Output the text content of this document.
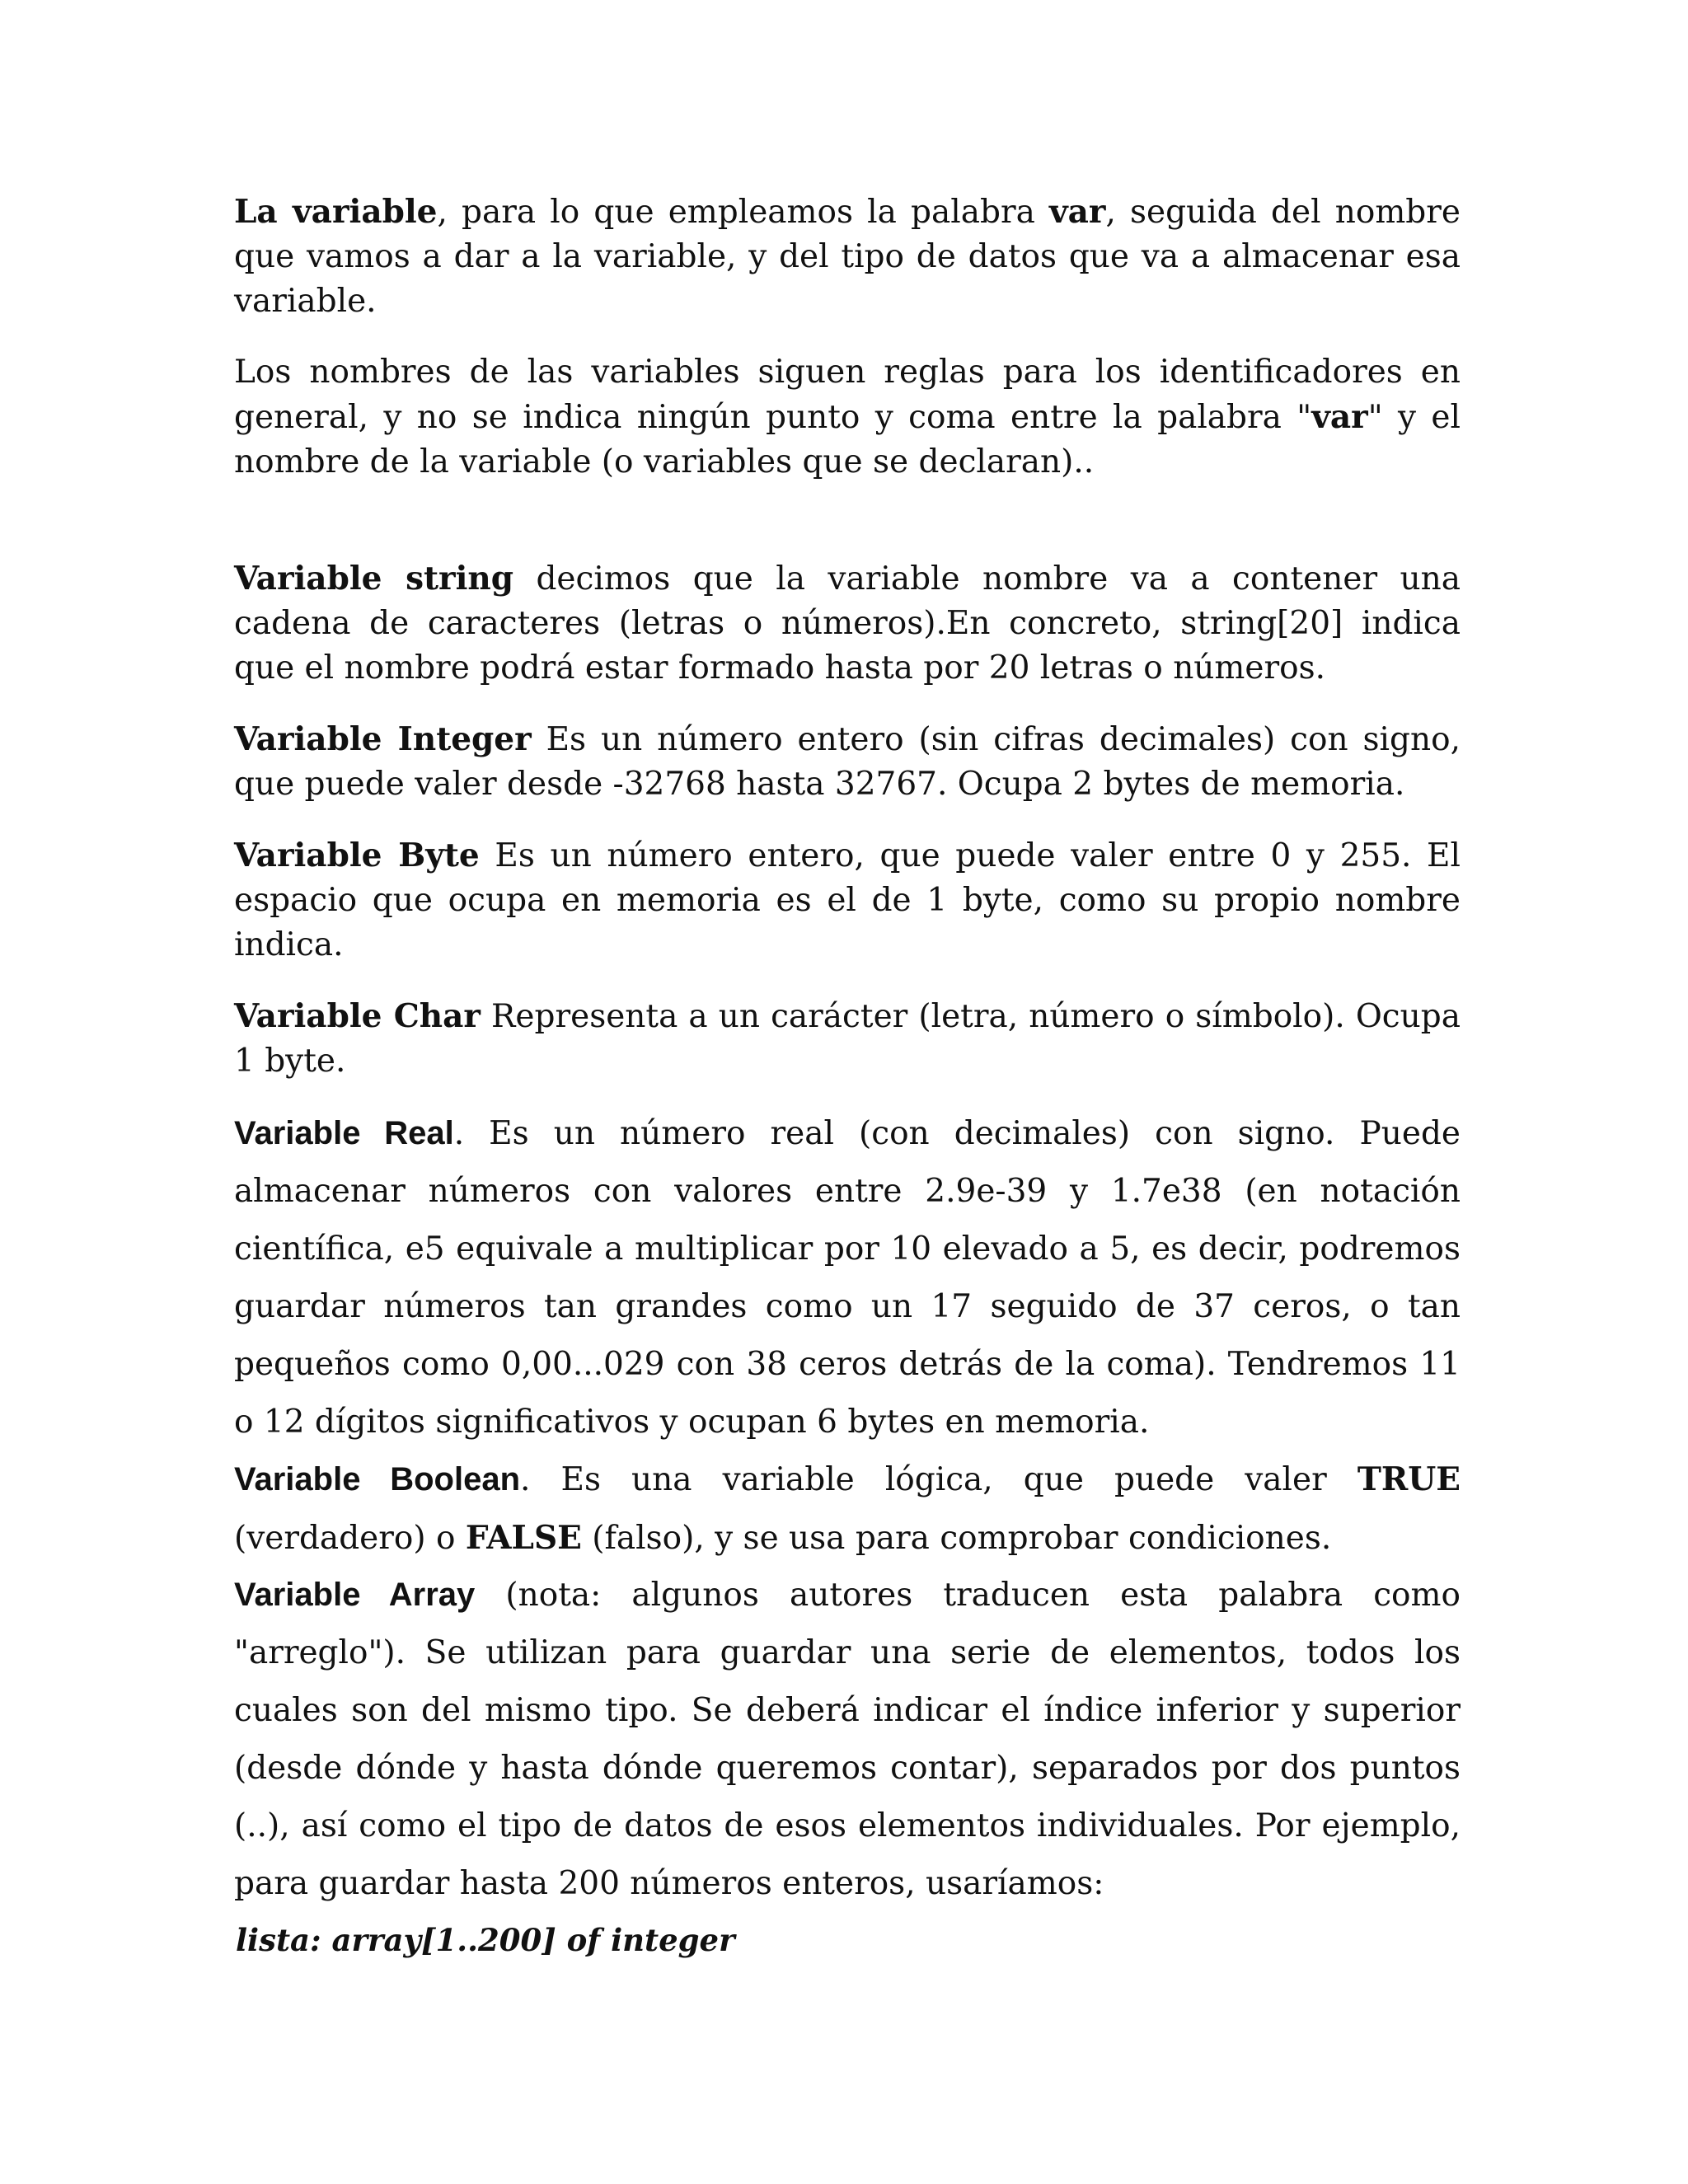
La variable, para lo que empleamos la palabra var, seguida del nombre que vamos a dar a la variable, y del tipo de datos que va a almacenar esa variable.

Los nombres de las variables siguen reglas para los identificadores en general, y no se indica ningún punto y coma entre la palabra "var" y el nombre de la variable (o variables que se declaran)..

Variable string decimos que la variable nombre va a contener una cadena de caracteres (letras o números).En concreto, string[20] indica que el nombre podrá estar formado hasta por 20 letras o números.

Variable Integer Es un número entero (sin cifras decimales) con signo, que puede valer desde -32768 hasta 32767. Ocupa 2 bytes de memoria.

Variable Byte Es un número entero, que puede valer entre 0 y 255. El espacio que ocupa en memoria es el de 1 byte, como su propio nombre indica.

Variable Char Representa a un carácter (letra, número o símbolo). Ocupa 1 byte.

Variable Real. Es un número real (con decimales) con signo. Puede almacenar números con valores entre 2.9e-39 y 1.7e38 (en notación científica, e5 equivale a multiplicar por 10 elevado a 5, es decir, podremos guardar números tan grandes como un 17 seguido de 37 ceros, o tan pequeños como 0,00...029 con 38 ceros detrás de la coma). Tendremos 11 o 12 dígitos significativos y ocupan 6 bytes en memoria.

Variable Boolean. Es una variable lógica, que puede valer TRUE (verdadero) o FALSE (falso), y se usa para comprobar condiciones.

Variable Array (nota: algunos autores traducen esta palabra como "arreglo"). Se utilizan para guardar una serie de elementos, todos los cuales son del mismo tipo. Se deberá indicar el índice inferior y superior (desde dónde y hasta dónde queremos contar), separados por dos puntos (..), así como el tipo de datos de esos elementos individuales. Por ejemplo, para guardar hasta 200 números enteros, usaríamos:

lista: array[1..200] of integer
